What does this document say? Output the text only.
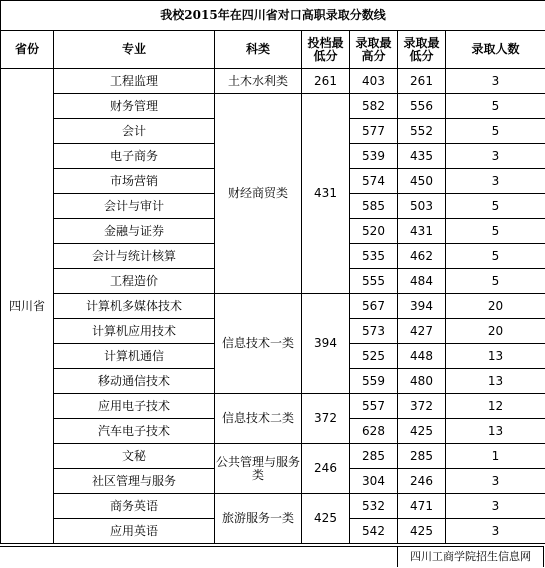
我校2015年在四川省对口高职录取分数线						
省份	专业	科类	投档最低分	录取最高分	录取最低分	录取人数
四川省	工程监理	土木水利类	261	403	261	3
	财务管理	财经商贸类	431	582	556	5
	会计			577	552	5
	电子商务			539	435	3
	市场营销			574	450	3
	会计与审计			585	503	5
	金融与证券			520	431	5
	会计与统计核算			535	462	5
	工程造价			555	484	5
	计算机多媒体技术	信息技术一类	394	567	394	20
	计算机应用技术			573	427	20
	计算机通信			525	448	13
	移动通信技术			559	480	13
	应用电子技术	信息技术二类	372	557	372	12
	汽车电子技术			628	425	13
	文秘	公共管理与服务类	246	285	285	1
	社区管理与服务			304	246	3
	商务英语	旅游服务一类	425	532	471	3
	应用英语			542	425	3
四川工商学院招生信息网
